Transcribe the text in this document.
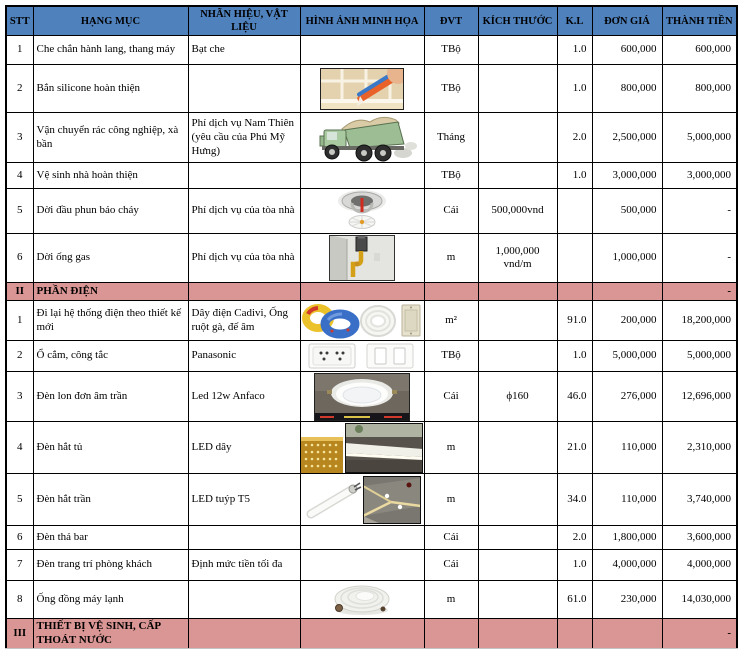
STT	HẠNG MỤC	NHÃN HIỆU, VẬT LIỆU	HÌNH ẢNH MINH HỌA	ĐVT	KÍCH THƯỚC	K.L	ĐƠN GIÁ	THÀNH TIỀN
1	Che chắn hành lang, thang máy	Bạt che		TBộ		1.0	600,000	600,000
2	Bắn silicone hoàn thiện			TBộ		1.0	800,000	800,000
3	Vận chuyển rác công nghiệp, xà bần	Phí dịch vụ Nam Thiên (yêu cầu của Phú Mỹ Hưng)		Tháng		2.0	2,500,000	5,000,000
4	Vệ sinh nhà hoàn thiện			TBộ		1.0	3,000,000	3,000,000
5	Dời đầu phun báo cháy	Phí dịch vụ của tòa nhà		Cái	500,000vnd		500,000	-
6	Dời ống gas	Phí dịch vụ của tòa nhà		m	1,000,000 vnd/m		1,000,000	-
II	PHẦN ĐIỆN							-
1	Đi lại hệ thống điện theo thiết kế mới	Dây điện Cadivi, Ống ruột gà, đế âm		m²		91.0	200,000	18,200,000
2	Ổ cắm, công tắc	Panasonic		TBộ		1.0	5,000,000	5,000,000
3	Đèn lon đơn âm trần	Led 12w Anfaco		Cái	ϕ160	46.0	276,000	12,696,000
4	Đèn hắt tủ	LED dây		m		21.0	110,000	2,310,000
5	Đèn hắt trần	LED tuýp T5		m		34.0	110,000	3,740,000
6	Đèn thả bar			Cái		2.0	1,800,000	3,600,000
7	Đèn trang trí phòng khách	Định mức tiền tối đa		Cái		1.0	4,000,000	4,000,000
8	Ống đồng máy lạnh			m		61.0	230,000	14,030,000
III	THIẾT BỊ VỆ SINH, CẤP THOÁT NƯỚC							-
